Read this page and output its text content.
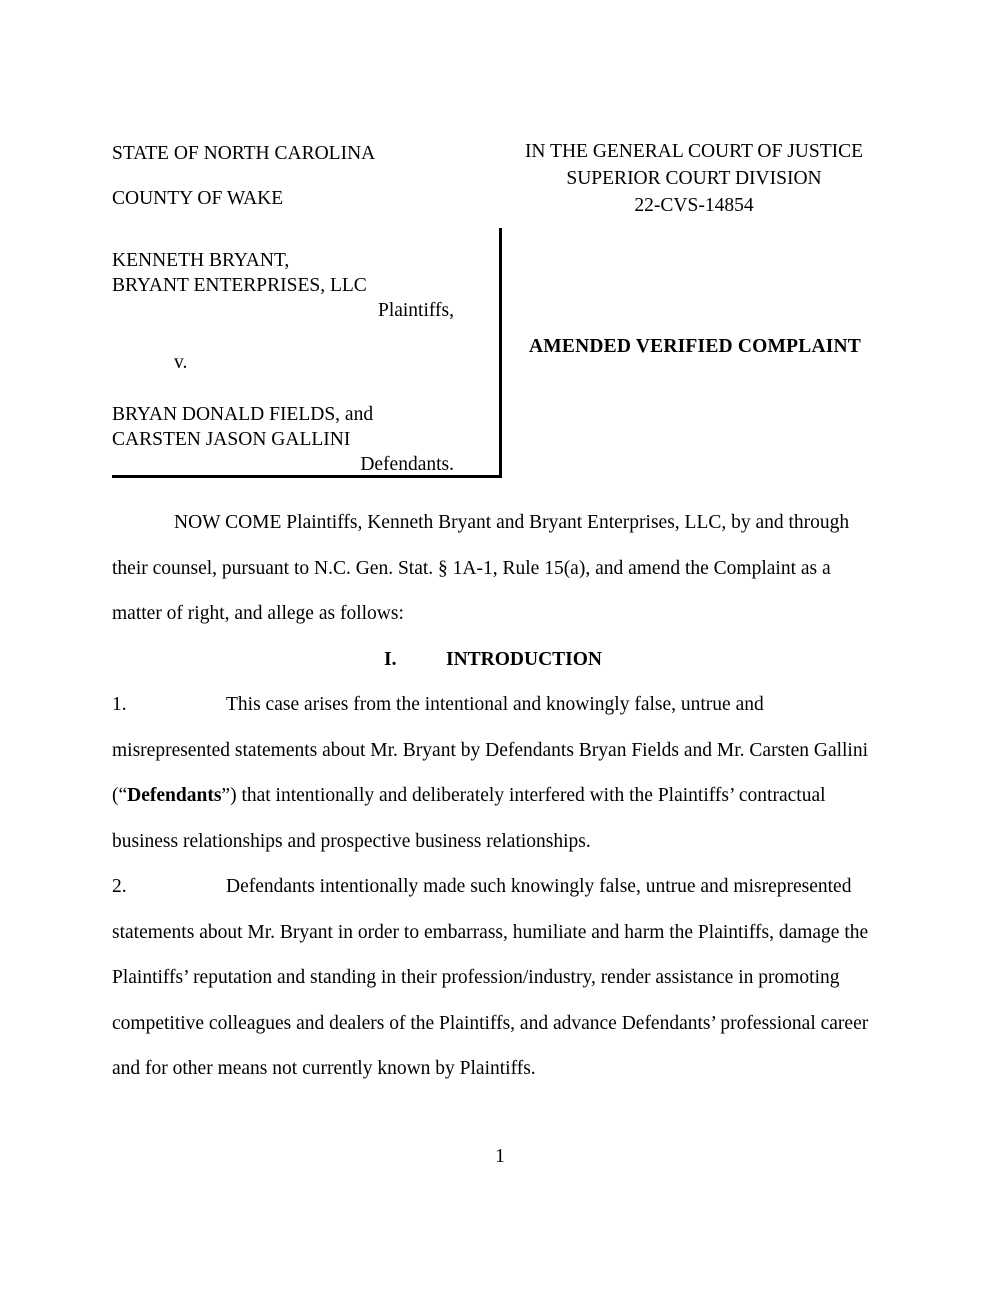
STATE OF NORTH CAROLINA
COUNTY OF WAKE
IN THE GENERAL COURT OF JUSTICE
SUPERIOR COURT DIVISION
22-CVS-14854
KENNETH BRYANT,
BRYANT ENTERPRISES, LLC
Plaintiffs,
v.
BRYAN DONALD FIELDS, and
CARSTEN JASON GALLINI
Defendants.
AMENDED VERIFIED COMPLAINT
NOW COME Plaintiffs, Kenneth Bryant and Bryant Enterprises, LLC, by and through
their counsel, pursuant to N.C. Gen. Stat. § 1A-1, Rule 15(a), and amend the Complaint as a
matter of right, and allege as follows:
I.	INTRODUCTION
1.	This case arises from the intentional and knowingly false, untrue and
misrepresented statements about Mr. Bryant by Defendants Bryan Fields and Mr. Carsten Gallini
(“Defendants”) that intentionally and deliberately interfered with the Plaintiffs’ contractual
business relationships and prospective business relationships.
2.	Defendants intentionally made such knowingly false, untrue and misrepresented
statements about Mr. Bryant in order to embarrass, humiliate and harm the Plaintiffs, damage the
Plaintiffs’ reputation and standing in their profession/industry, render assistance in promoting
competitive colleagues and dealers of the Plaintiffs, and advance Defendants’ professional career
and for other means not currently known by Plaintiffs.
1
